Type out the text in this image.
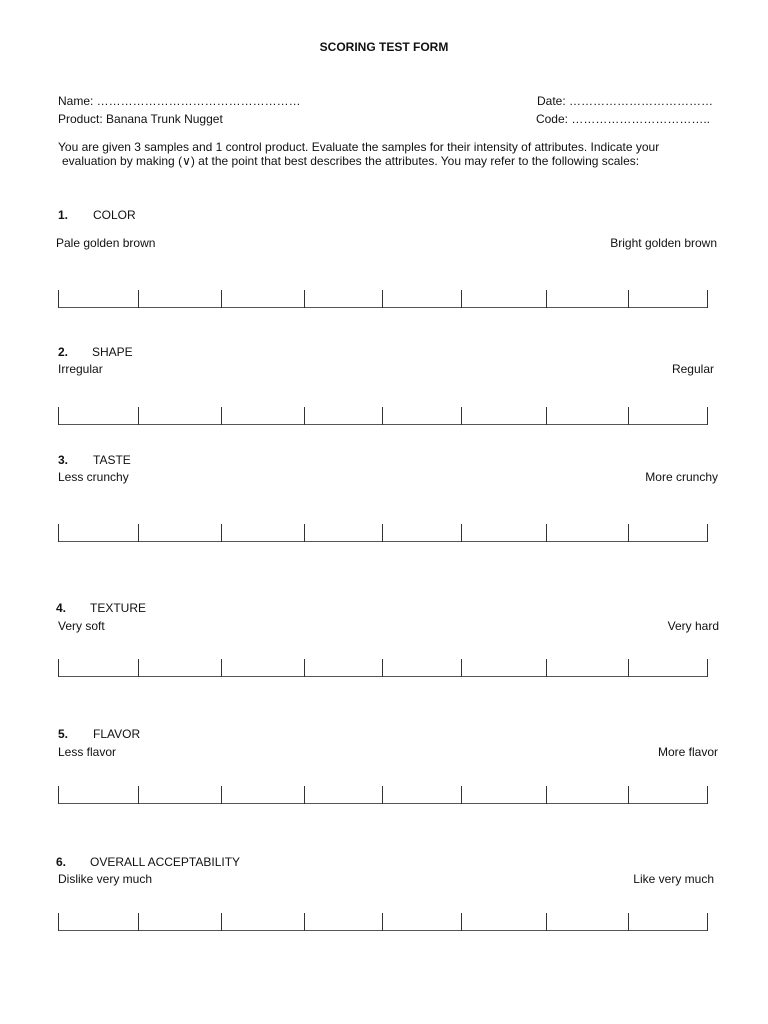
SCORING TEST FORM
Name: ……………………………………………	Date: ………………………………
Product: Banana Trunk Nugget	Code: ……………………………..
You are given 3 samples and 1 control product. Evaluate the samples for their intensity of attributes. Indicate your
evaluation by making (∨) at the point that best describes the attributes. You may refer to the following scales:
1. COLOR
Pale golden brown	Bright golden brown
2. SHAPE
Irregular	Regular
3. TASTE
Less crunchy	More crunchy
4. TEXTURE
Very soft	Very hard
5. FLAVOR
Less flavor	More flavor
6. OVERALL ACCEPTABILITY
Dislike very much	Like very much
